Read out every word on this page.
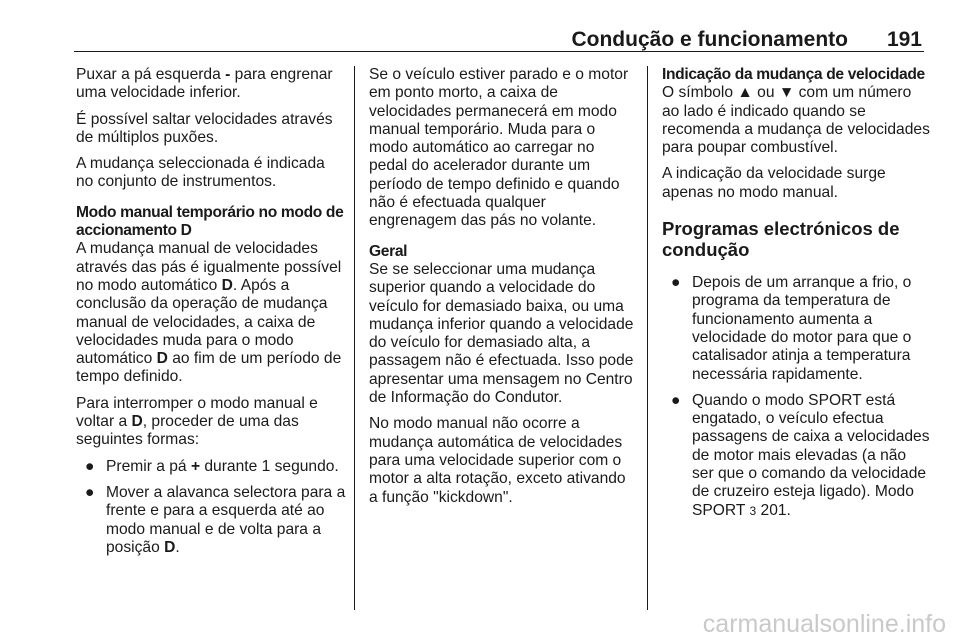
Condução e funcionamento 191

Puxar a pá esquerda - para engrenar uma velocidade inferior.

É possível saltar velocidades através de múltiplos puxões.

A mudança seleccionada é indicada no conjunto de instrumentos.

Modo manual temporário no modo de accionamento D

A mudança manual de velocidades através das pás é igualmente possível no modo automático D. Após a conclusão da operação de mudança manual de velocidades, a caixa de velocidades muda para o modo automático D ao fim de um período de tempo definido.

Para interromper o modo manual e voltar a D, proceder de uma das seguintes formas:

● Premir a pá + durante 1 segundo.
● Mover a alavanca selectora para a frente e para a esquerda até ao modo manual e de volta para a posição D.

Se o veículo estiver parado e o motor em ponto morto, a caixa de velocidades permanecerá em modo manual temporário. Muda para o modo automático ao carregar no pedal do acelerador durante um período de tempo definido e quando não é efectuada qualquer engrenagem das pás no volante.

Geral

Se se seleccionar uma mudança superior quando a velocidade do veículo for demasiado baixa, ou uma mudança inferior quando a velocidade do veículo for demasiado alta, a passagem não é efectuada. Isso pode apresentar uma mensagem no Centro de Informação do Condutor.

No modo manual não ocorre a mudança automática de velocidades para uma velocidade superior com o motor a alta rotação, exceto ativando a função "kickdown".

Indicação da mudança de velocidade

O símbolo ▲ ou ▼ com um número ao lado é indicado quando se recomenda a mudança de velocidades para poupar combustível.

A indicação da velocidade surge apenas no modo manual.

Programas electrónicos de condução
● Depois de um arranque a frio, o programa da temperatura de funcionamento aumenta a velocidade do motor para que o catalisador atinja a temperatura necessária rapidamente.
● Quando o modo SPORT está engatado, o veículo efectua passagens de caixa a velocidades de motor mais elevadas (a não ser que o comando da velocidade de cruzeiro esteja ligado). Modo SPORT 3 201.
carmanualsonline.info
